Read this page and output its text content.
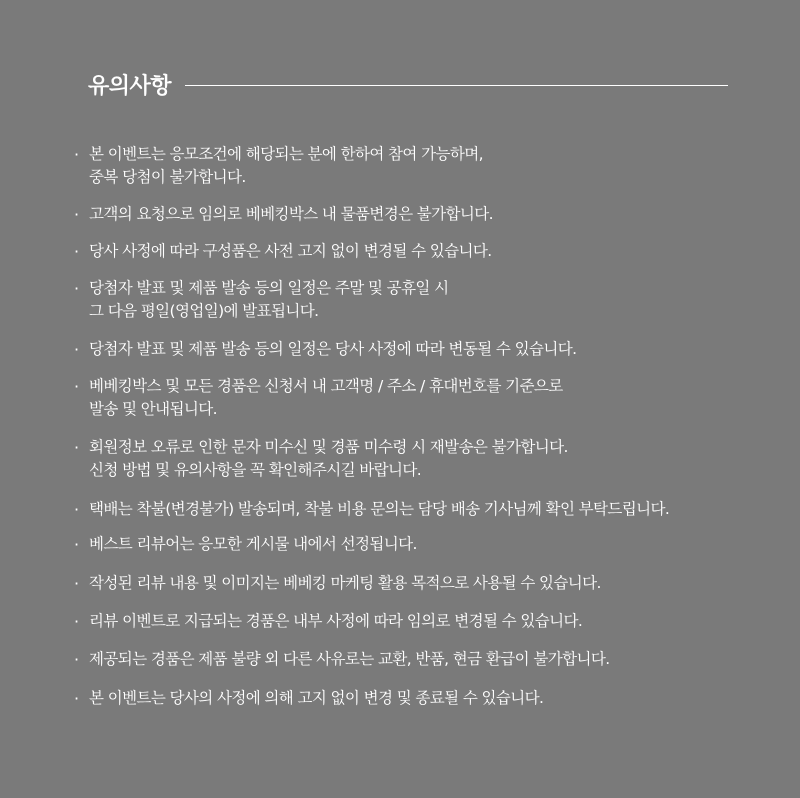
유의사항
· 본 이벤트는 응모조건에 해당되는 분에 한하여 참여 가능하며,
중복 당첨이 불가합니다.
· 고객의 요청으로 임의로 베베킹박스 내 물품변경은 불가합니다.
· 당사 사정에 따라 구성품은 사전 고지 없이 변경될 수 있습니다.
· 당첨자 발표 및 제품 발송 등의 일정은 주말 및 공휴일 시
그 다음 평일(영업일)에 발표됩니다.
· 당첨자 발표 및 제품 발송 등의 일정은 당사 사정에 따라 변동될 수 있습니다.
· 베베킹박스 및 모든 경품은 신청서 내 고객명 / 주소 / 휴대번호를 기준으로
발송 및 안내됩니다.
· 회원정보 오류로 인한 문자 미수신 및 경품 미수령 시 재발송은 불가합니다.
신청 방법 및 유의사항을 꼭 확인해주시길 바랍니다.
· 택배는 착불(변경불가) 발송되며, 착불 비용 문의는 담당 배송 기사님께 확인 부탁드립니다.
· 베스트 리뷰어는 응모한 게시물 내에서 선정됩니다.
· 작성된 리뷰 내용 및 이미지는 베베킹 마케팅 활용 목적으로 사용될 수 있습니다.
· 리뷰 이벤트로 지급되는 경품은 내부 사정에 따라 임의로 변경될 수 있습니다.
· 제공되는 경품은 제품 불량 외 다른 사유로는 교환, 반품, 현금 환급이 불가합니다.
· 본 이벤트는 당사의 사정에 의해 고지 없이 변경 및 종료될 수 있습니다.
